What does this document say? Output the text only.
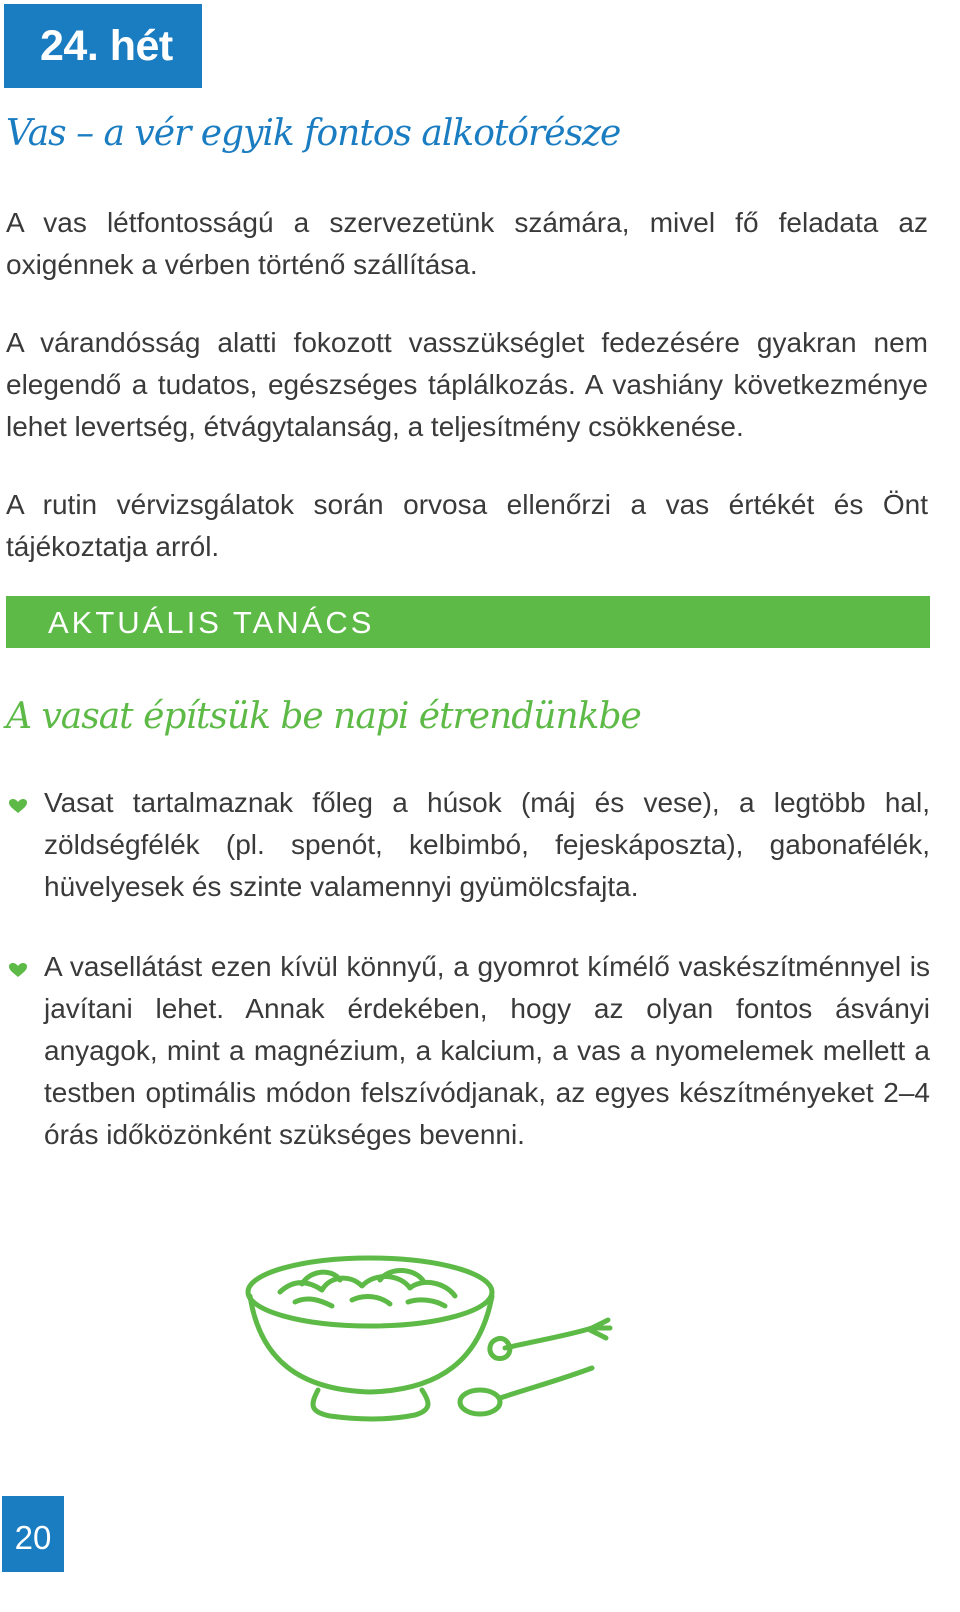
24. hét
Vas – a vér egyik fontos alkotórésze
A vas létfontosságú a szervezetünk számára, mivel fő feladata az oxigénnek a vérben történő szállítása.
A várandósság alatti fokozott vasszükséglet fedezésére gyakran nem elegendő a tudatos, egészséges táplálkozás. A vashiány következménye lehet levertség, étvágytalanság, a teljesítmény csökkenése.
A rutin vérvizsgálatok során orvosa ellenőrzi a vas értékét és Önt tájékoztatja arról.
AKTUÁLIS TANÁCS
A vasat építsük be napi étrendünkbe
Vasat tartalmaznak főleg a húsok (máj és vese), a legtöbb hal, zöldségfélék (pl. spenót, kelbimbó, fejeskáposzta), gabonafélék, hüvelyesek és szinte valamennyi gyümölcsfajta.
A vasellátást ezen kívül könnyű, a gyomrot kímélő vaskészítménnyel is javítani lehet. Annak érdekében, hogy az olyan fontos ásványi anyagok, mint a magnézium, a kalcium, a vas a nyomelemek mellett a testben optimális módon felszívódjanak, az egyes készítményeket 2–4 órás időközönként szükséges bevenni.
20
